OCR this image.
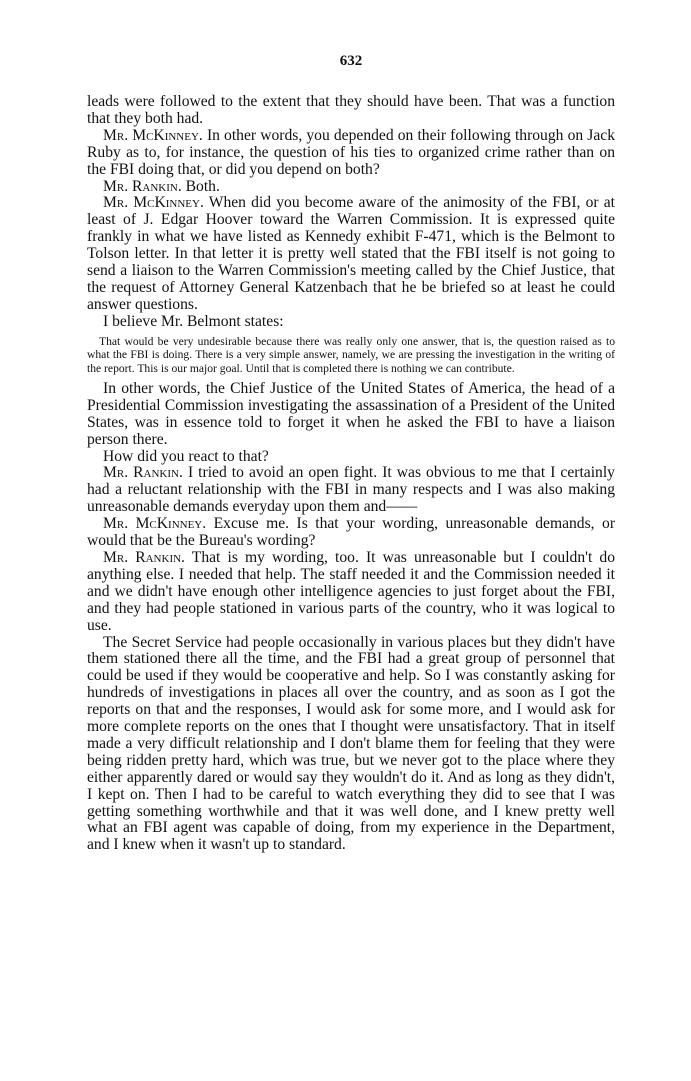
632

leads were followed to the extent that they should have been. That was a function that they both had.

Mr. McKinney. In other words, you depended on their following through on Jack Ruby as to, for instance, the question of his ties to organized crime rather than on the FBI doing that, or did you depend on both?

Mr. Rankin. Both.

Mr. McKinney. When did you become aware of the animosity of the FBI, or at least of J. Edgar Hoover toward the Warren Commission. It is expressed quite frankly in what we have listed as Kennedy exhibit F-471, which is the Belmont to Tolson letter. In that letter it is pretty well stated that the FBI itself is not going to send a liaison to the Warren Commission's meeting called by the Chief Justice, that the request of Attorney General Katzenbach that he be briefed so at least he could answer questions.

I believe Mr. Belmont states:

That would be very undesirable because there was really only one answer, that is, the question raised as to what the FBI is doing. There is a very simple answer, namely, we are pressing the investigation in the writing of the report. This is our major goal. Until that is completed there is nothing we can contribute.

In other words, the Chief Justice of the United States of America, the head of a Presidential Commission investigating the assassination of a President of the United States, was in essence told to forget it when he asked the FBI to have a liaison person there.

How did you react to that?

Mr. Rankin. I tried to avoid an open fight. It was obvious to me that I certainly had a reluctant relationship with the FBI in many respects and I was also making unreasonable demands everyday upon them and——

Mr. McKinney. Excuse me. Is that your wording, unreasonable demands, or would that be the Bureau's wording?

Mr. Rankin. That is my wording, too. It was unreasonable but I couldn't do anything else. I needed that help. The staff needed it and the Commission needed it and we didn't have enough other intelligence agencies to just forget about the FBI, and they had people stationed in various parts of the country, who it was logical to use.

The Secret Service had people occasionally in various places but they didn't have them stationed there all the time, and the FBI had a great group of personnel that could be used if they would be cooperative and help. So I was constantly asking for hundreds of investigations in places all over the country, and as soon as I got the reports on that and the responses, I would ask for some more, and I would ask for more complete reports on the ones that I thought were unsatisfactory. That in itself made a very difficult relationship and I don't blame them for feeling that they were being ridden pretty hard, which was true, but we never got to the place where they either apparently dared or would say they wouldn't do it. And as long as they didn't, I kept on. Then I had to be careful to watch everything they did to see that I was getting something worthwhile and that it was well done, and I knew pretty well what an FBI agent was capable of doing, from my experience in the Department, and I knew when it wasn't up to standard.
